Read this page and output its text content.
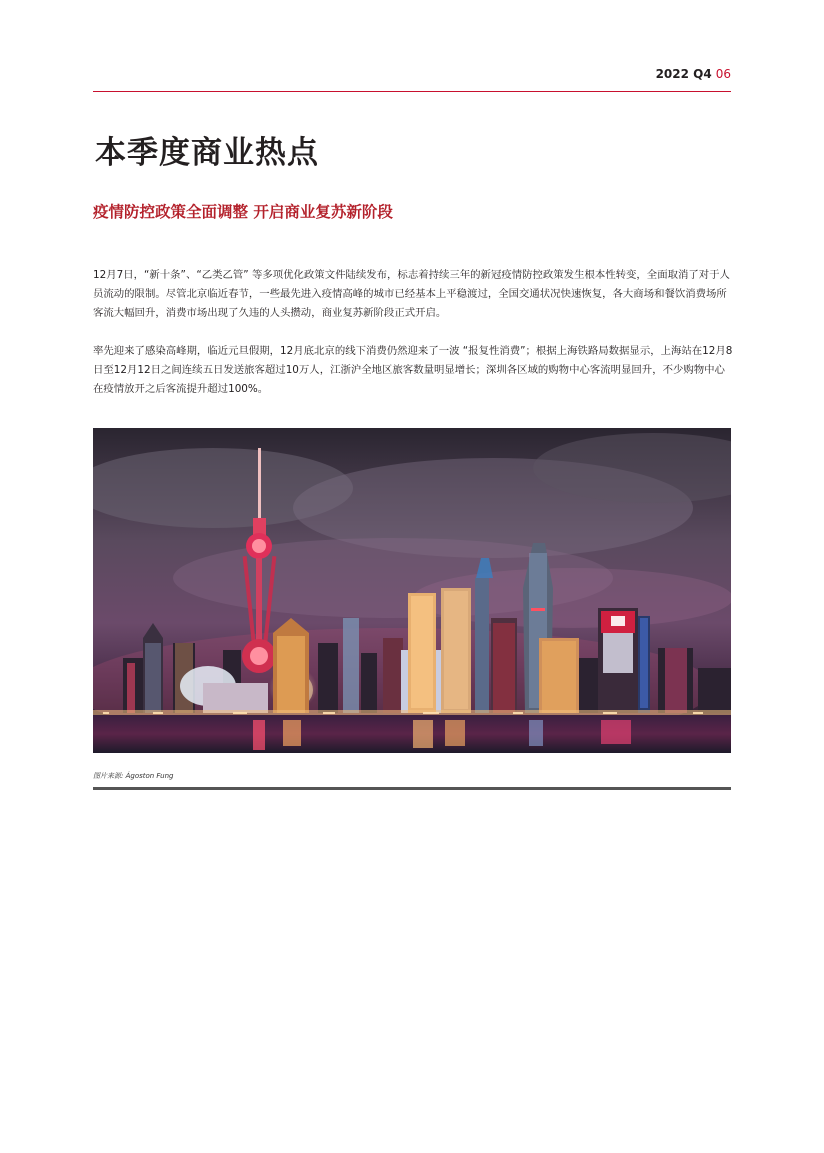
2022 Q4 06
本季度商业热点
疫情防控政策全面调整 开启商业复苏新阶段

12月7日，“新十条”、“乙类乙管” 等多项优化政策文件陆续发布，标志着持续三年的新冠疫情防控政策发生根本性转变，全面取消了对于人员流动的限制。尽管北京临近春节，一些最先进入疫情高峰的城市已经基本上平稳渡过，全国交通状况快速恢复，各大商场和餐饮消费场所客流大幅回升，消费市场出现了久违的人头攒动，商业复苏新阶段正式开启。

率先迎来了感染高峰期，临近元旦假期，12月底北京的线下消费仍然迎来了一波 “报复性消费”；根据上海铁路局数据显示，上海站在12月8日至12月12日之间连续五日发送旅客超过10万人，江浙沪全地区旅客数量明显增长；深圳各区域的购物中心客流明显回升，不少购物中心在疫情放开之后客流提升超过100%。

图片来源: Ágoston Fung
